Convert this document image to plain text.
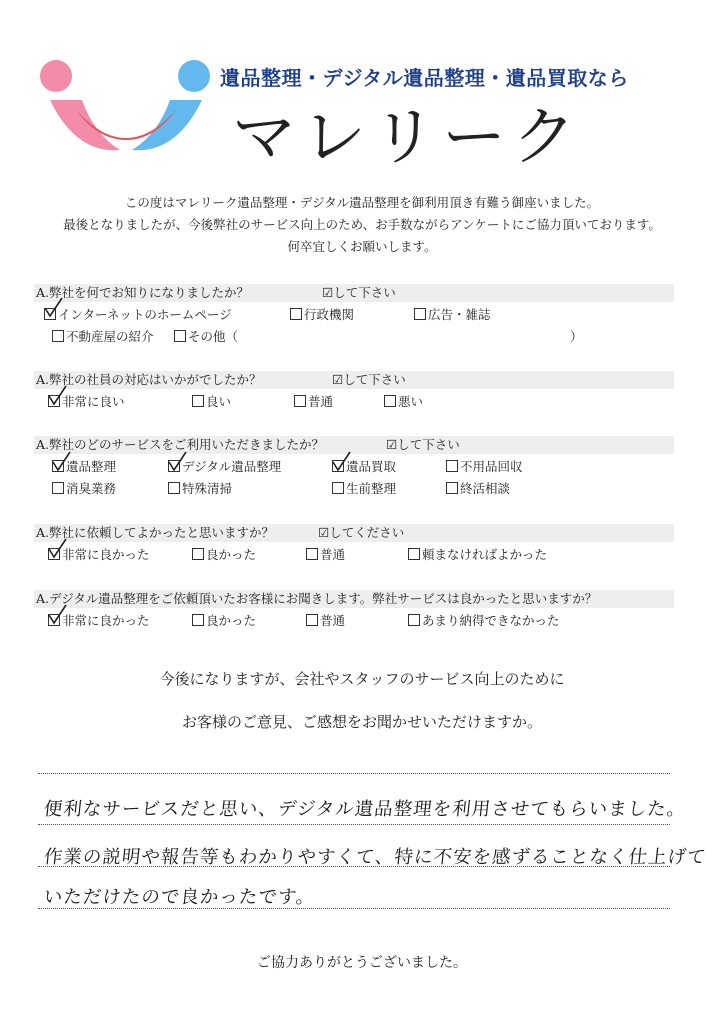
遺品整理・デジタル遺品整理・遺品買取なら
マレリーク
この度はマレリーク遺品整理・デジタル遺品整理を御利用頂き有難う御座いました。
最後となりましたが、今後弊社のサービス向上のため、お手数ながらアンケートにご協力頂いております。
何卒宜しくお願いします。
A.弊社を何でお知りになりましたか？	☑して下さい
インターネットのホームページ	行政機関	広告・雑誌
不動産屋の紹介	その他（	）
A.弊社の社員の対応はいかがでしたか？	☑して下さい
非常に良い	良い	普通	悪い
A.弊社のどのサービスをご利用いただきましたか？	☑して下さい
遺品整理	デジタル遺品整理	遺品買取	不用品回収
消臭業務	特殊清掃	生前整理	終活相談
A.弊社に依頼してよかったと思いますか？	☑してください
非常に良かった	良かった	普通	頼まなければよかった
A.デジタル遺品整理をご依頼頂いたお客様にお聞きします。弊社サービスは良かったと思いますか？
非常に良かった	良かった	普通	あまり納得できなかった
今後になりますが、会社やスタッフのサービス向上のために
お客様のご意見、ご感想をお聞かせいただけますか。
便利なサービスだと思い、デジタル遺品整理を利用させてもらいました。
作業の説明や報告等もわかりやすくて、特に不安を感ずることなく仕上げて
いただけたので良かったです。
ご協力ありがとうございました。
